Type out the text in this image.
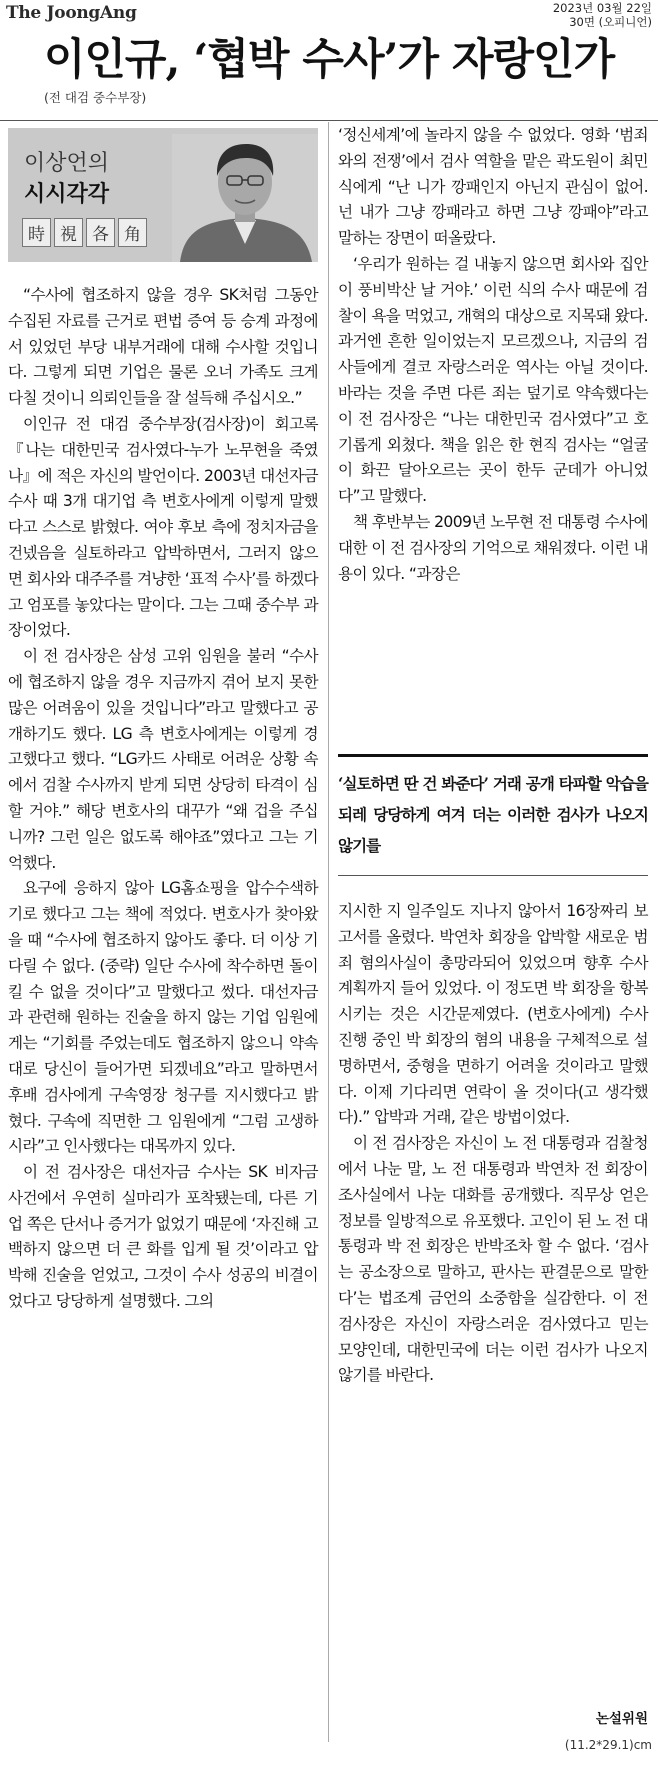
The JoongAng	2023년 03월 22일
30면 (오피니언)
이인규, ‘협박 수사’가 자랑인가
(전 대검 중수부장)
이상언의
시시각각
時 視 各 角

“수사에 협조하지 않을 경우 SK처럼 그동안 수집된 자료를 근거로 편법 증여 등 승계 과정에서 있었던 부당 내부거래에 대해 수사할 것입니다. 그렇게 되면 기업은 물론 오너 가족도 크게 다칠 것이니 의뢰인들을 잘 설득해 주십시오.”

이인규 전 대검 중수부장(검사장)이 회고록 『나는 대한민국 검사였다-누가 노무현을 죽였나』에 적은 자신의 발언이다. 2003년 대선자금 수사 때 3개 대기업 측 변호사에게 이렇게 말했다고 스스로 밝혔다. 여야 후보 측에 정치자금을 건넸음을 실토하라고 압박하면서, 그러지 않으면 회사와 대주주를 겨냥한 ‘표적 수사’를 하겠다고 엄포를 놓았다는 말이다. 그는 그때 중수부 과장이었다.

이 전 검사장은 삼성 고위 임원을 불러 “수사에 협조하지 않을 경우 지금까지 겪어 보지 못한 많은 어려움이 있을 것입니다”라고 말했다고 공개하기도 했다. LG 측 변호사에게는 이렇게 경고했다고 했다. “LG카드 사태로 어려운 상황 속에서 검찰 수사까지 받게 되면 상당히 타격이 심할 거야.” 해당 변호사의 대꾸가 “왜 겁을 주십니까? 그런 일은 없도록 해야죠”였다고 그는 기억했다.

요구에 응하지 않아 LG홈쇼핑을 압수수색하기로 했다고 그는 책에 적었다. 변호사가 찾아왔을 때 “수사에 협조하지 않아도 좋다. 더 이상 기다릴 수 없다. (중략) 일단 수사에 착수하면 돌이킬 수 없을 것이다”고 말했다고 썼다. 대선자금과 관련해 원하는 진술을 하지 않는 기업 임원에게는 “기회를 주었는데도 협조하지 않으니 약속대로 당신이 들어가면 되겠네요”라고 말하면서 후배 검사에게 구속영장 청구를 지시했다고 밝혔다. 구속에 직면한 그 임원에게 “그럼 고생하시라”고 인사했다는 대목까지 있다.

이 전 검사장은 대선자금 수사는 SK 비자금 사건에서 우연히 실마리가 포착됐는데, 다른 기업 쪽은 단서나 증거가 없었기 때문에 ‘자진해 고백하지 않으면 더 큰 화를 입게 될 것’이라고 압박해 진술을 얻었고, 그것이 수사 성공의 비결이었다고 당당하게 설명했다. 그의

‘정신세계’에 놀라지 않을 수 없었다. 영화 ‘범죄와의 전쟁’에서 검사 역할을 맡은 곽도원이 최민식에게 “난 니가 깡패인지 아닌지 관심이 없어. 넌 내가 그냥 깡패라고 하면 그냥 깡패야”라고 말하는 장면이 떠올랐다.

‘우리가 원하는 걸 내놓지 않으면 회사와 집안이 풍비박산 날 거야.’ 이런 식의 수사 때문에 검찰이 욕을 먹었고, 개혁의 대상으로 지목돼 왔다. 과거엔 흔한 일이었는지 모르겠으나, 지금의 검사들에게 결코 자랑스러운 역사는 아닐 것이다. 바라는 것을 주면 다른 죄는 덮기로 약속했다는 이 전 검사장은 “나는 대한민국 검사였다”고 호기롭게 외쳤다. 책을 읽은 한 현직 검사는 “얼굴이 화끈 달아오르는 곳이 한두 군데가 아니었다”고 말했다.

책 후반부는 2009년 노무현 전 대통령 수사에 대한 이 전 검사장의 기억으로 채워졌다. 이런 내용이 있다. “과장은

‘실토하면 딴 건 봐준다’ 거래 공개 타파할 악습을 되레 당당하게 여겨 더는 이러한 검사가 나오지 않기를

지시한 지 일주일도 지나지 않아서 16장짜리 보고서를 올렸다. 박연차 회장을 압박할 새로운 범죄 혐의사실이 총망라되어 있었으며 향후 수사 계획까지 들어 있었다. 이 정도면 박 회장을 항복시키는 것은 시간문제였다. (변호사에게) 수사 진행 중인 박 회장의 혐의 내용을 구체적으로 설명하면서, 중형을 면하기 어려울 것이라고 말했다. 이제 기다리면 연락이 올 것이다(고 생각했다).” 압박과 거래, 같은 방법이었다.

이 전 검사장은 자신이 노 전 대통령과 검찰청에서 나눈 말, 노 전 대통령과 박연차 전 회장이 조사실에서 나눈 대화를 공개했다. 직무상 얻은 정보를 일방적으로 유포했다. 고인이 된 노 전 대통령과 박 전 회장은 반박조차 할 수 없다. ‘검사는 공소장으로 말하고, 판사는 판결문으로 말한다’는 법조계 금언의 소중함을 실감한다. 이 전 검사장은 자신이 자랑스러운 검사였다고 믿는 모양인데, 대한민국에 더는 이런 검사가 나오지 않기를 바란다.

논설위원
(11.2*29.1)cm
